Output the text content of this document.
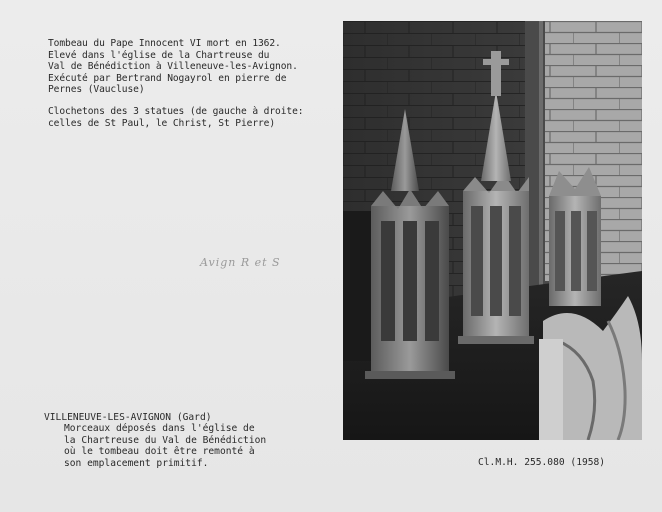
Tombeau du Pape Innocent VI mort en 1362.

Elevé dans l'église de la Chartreuse du

Val de Bénédiction à Villeneuve-les-Avignon.

Exécuté par Bertrand Nogayrol en pierre de

Pernes (Vaucluse)

Clochetons des 3 statues (de gauche à droite:

celles de St Paul, le Christ, St Pierre)

Avign R et S

VILLENEUVE-LES-AVIGNON (Gard)

Morceaux déposés dans l'église de

la Chartreuse du Val de Bénédiction

où le tombeau doit être remonté à

son emplacement primitif.	Cl.M.H. 255.080 (1958)
